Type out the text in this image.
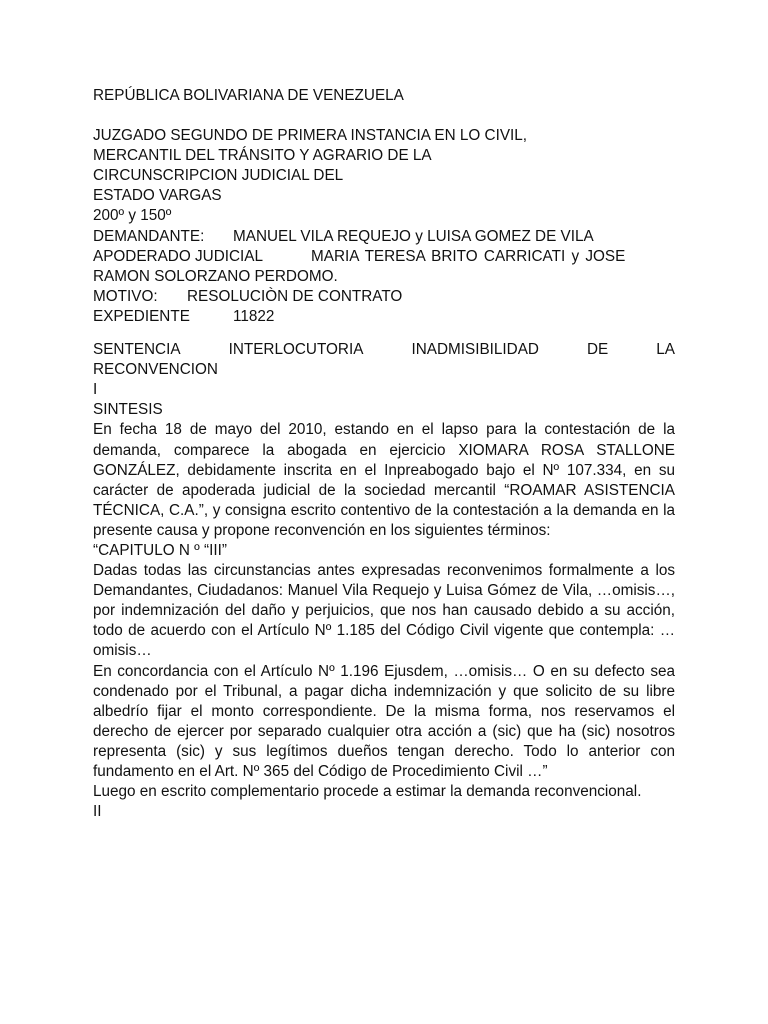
REPÚBLICA BOLIVARIANA DE VENEZUELA

JUZGADO SEGUNDO DE PRIMERA INSTANCIA EN LO CIVIL,

MERCANTIL DEL TRÁNSITO Y AGRARIO DE LA

CIRCUNSCRIPCION JUDICIAL DEL

ESTADO VARGAS

200º y 150º

DEMANDANTE:	MANUEL VILA REQUEJO y LUISA GOMEZ DE VILA
APODERADO JUDICIAL	MARIA TERESA BRITO CARRICATI y JOSE

RAMON SOLORZANO PERDOMO.

MOTIVO:	RESOLUCIÒN DE CONTRATO
EXPEDIENTE	11822
SENTENCIA	INTERLOCUTORIA	INADMISIBILIDAD	DE	LA

RECONVENCION

I

SINTESIS

En fecha 18 de mayo del 2010, estando en el lapso para la contestación de la demanda, comparece la abogada en ejercicio XIOMARA ROSA STALLONE GONZÁLEZ, debidamente inscrita en el Inpreabogado bajo el Nº 107.334, en su carácter de apoderada judicial de la sociedad mercantil “ROAMAR ASISTENCIA TÉCNICA, C.A.”, y consigna escrito contentivo de la contestación a la demanda en la presente causa y propone reconvención en los siguientes términos:

“CAPITULO N º “III”

Dadas todas las circunstancias antes expresadas reconvenimos formalmente a los Demandantes, Ciudadanos: Manuel Vila Requejo y Luisa Gómez de Vila, …omisis…, por indemnización del daño y perjuicios, que nos han causado debido a su acción, todo de acuerdo con el Artículo Nº 1.185 del Código Civil vigente que contempla: …omisis…

En concordancia con el Artículo Nº 1.196 Ejusdem, …omisis… O en su defecto sea condenado por el Tribunal, a pagar dicha indemnización y que solicito de su libre albedrío fijar el monto correspondiente. De la misma forma, nos reservamos el derecho de ejercer por separado cualquier otra acción a (sic) que ha (sic) nosotros representa (sic) y sus legítimos dueños tengan derecho. Todo lo anterior con fundamento en el Art. Nº 365 del Código de Procedimiento Civil …”

Luego en escrito complementario procede a estimar la demanda reconvencional.

II
